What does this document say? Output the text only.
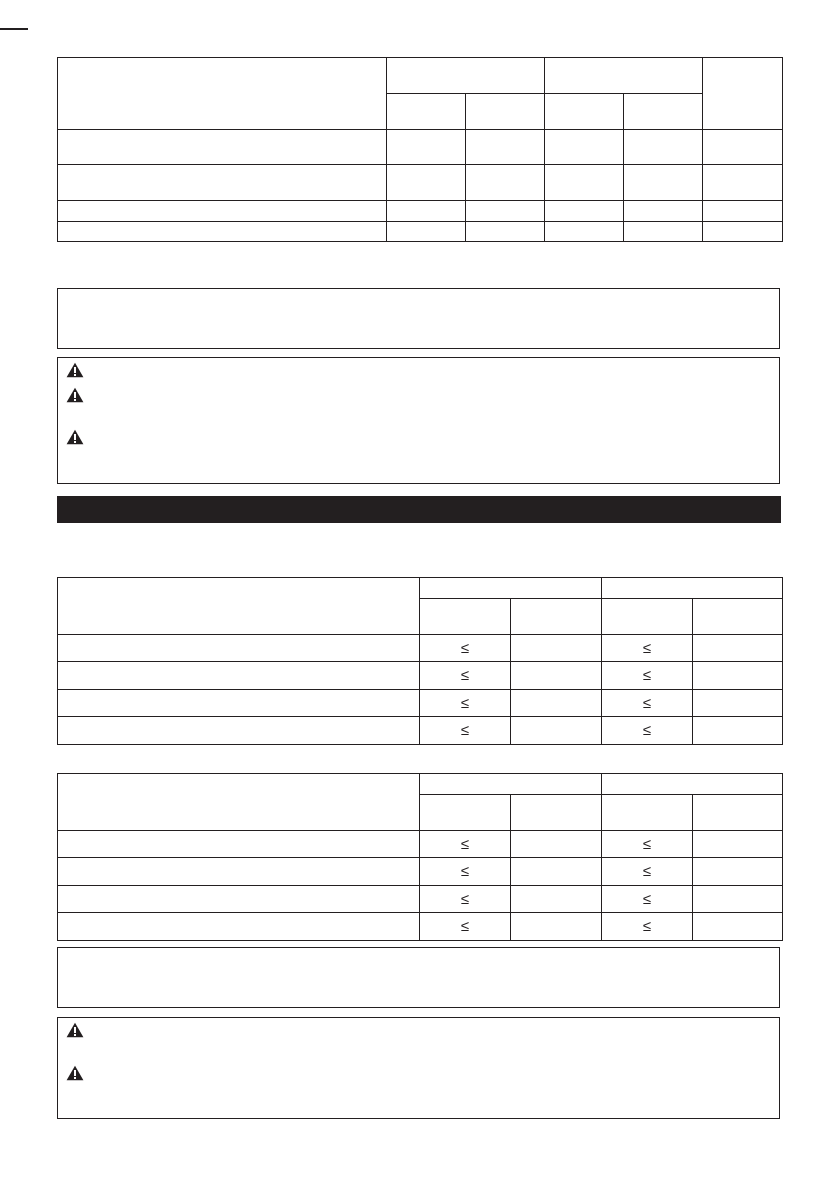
	≤		≤	
	≤		≤	
	≤		≤	
	≤		≤	

	≤		≤	
	≤		≤	
	≤		≤	
	≤		≤	
